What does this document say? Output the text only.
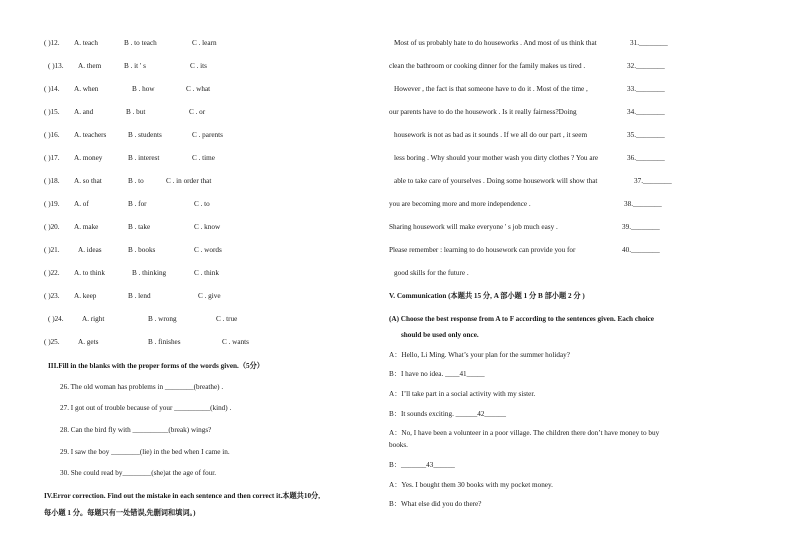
( )12. A. teach	B . to teach	C . learn
( )13. A. them	B . it ' s	C . its
( )14. A. when	B . how	C . what
( )15. A. and	B . but	C . or
( )16. A. teachers	B . students	C . parents
( )17. A. money	B . interest	C . time
( )18. A. so that	B . to	C . in order that
( )19. A. of	B . for	C . to
( )20. A. make	B . take	C . know
( )21.	A. ideas	B . books	C . words
( )22. A. to think	B . thinking	C . think
( )23. A. keep	B . lend	C . give
( )24.	A. right	B . wrong	C . true
( )25.	A. gets	B . finishes	C . wants
III.Fill in the blanks with the proper forms of the words given.（5分）
26. The old woman has problems in ________(breathe) .
27. I got out of trouble because of your __________(kind) .
28. Can the bird fly with __________(break) wings?
29. I saw the boy ________(lie) in the bed when I came in.
30. She could read by________(she)at the age of four.
IV.Error correction. Find out the mistake in each sentence and then correct it.本题共10分,
每小题 1 分。每题只有一处错误,先删词和填词。)
Most of us probably hate to do houseworks . And most of us think that	31.________
clean the bathroom or cooking dinner for the family makes us tired .	32.________
However , the fact is that someone have to do it . Most of the time ,	33.________
our parents have to do the housework . Is it really fairness?Doing	34.________
housework is not as bad as it sounds . If we all do our part , it seem	35.________
less boring . Why should your mother wash you dirty clothes ? You are	36.________
able to take care of yourselves . Doing some housework will show that	37.________
you are becoming more and more independence .	38.________
Sharing housework will make everyone ' s job much easy .	39.________
Please remember : learning to do housework can provide you for	40.________
good skills for the future .
V. Communication (本题共 15 分, A 部小题 1 分 B 部小题 2 分 )
(A) Choose the best response from A to F according to the sentences given. Each choice
should be used only once.
A：Hello, Li Ming. What’s your plan for the summer holiday?
B：I have no idea. ____41_____
A：I’ll take part in a social activity with my sister.
B：It sounds exciting. ______42______
A：No, I have been a volunteer in a poor village. The children there don’t have money to buy
books.
B：_______43______
A：Yes. I bought them 30 books with my pocket money.
B：What else did you do there?
